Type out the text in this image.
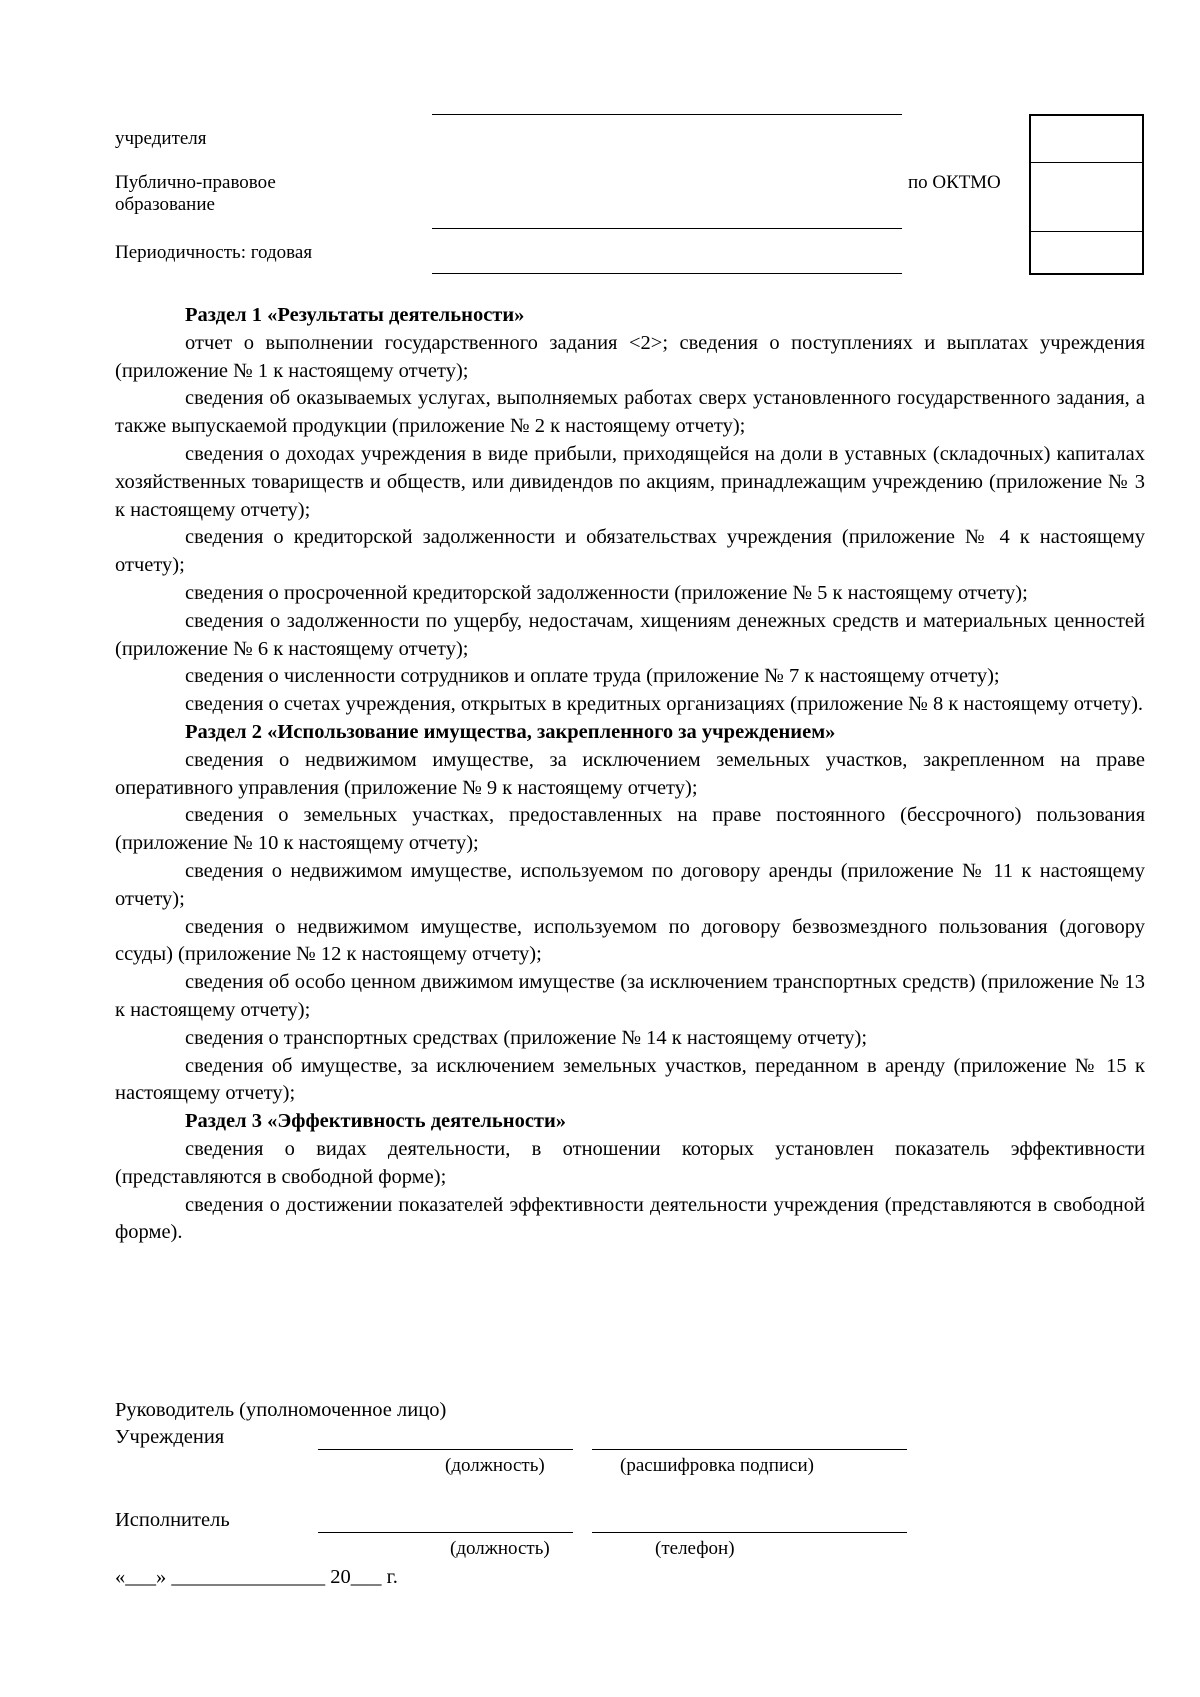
учредителя
Публично-правовое
образование
по ОКТМО
Периодичность: годовая
Раздел 1 «Результаты деятельности»

отчет о выполнении государственного задания <2>; сведения о поступлениях и выплатах учреждения (приложение № 1 к настоящему отчету);

сведения об оказываемых услугах, выполняемых работах сверх установленного государственного задания, а также выпускаемой продукции (приложение № 2 к настоящему отчету);

сведения о доходах учреждения в виде прибыли, приходящейся на доли в уставных (складочных) капиталах хозяйственных товариществ и обществ, или дивидендов по акциям, принадлежащим учреждению (приложение № 3 к настоящему отчету);

сведения о кредиторской задолженности и обязательствах учреждения (приложение № 4 к настоящему отчету);

сведения о просроченной кредиторской задолженности (приложение № 5 к настоящему отчету);

сведения о задолженности по ущербу, недостачам, хищениям денежных средств и материальных ценностей (приложение № 6 к настоящему отчету);

сведения о численности сотрудников и оплате труда (приложение № 7 к настоящему отчету);

сведения о счетах учреждения, открытых в кредитных организациях (приложение № 8 к настоящему отчету).

Раздел 2 «Использование имущества, закрепленного за учреждением»

сведения о недвижимом имуществе, за исключением земельных участков, закрепленном на праве оперативного управления (приложение № 9 к настоящему отчету);

сведения о земельных участках, предоставленных на праве постоянного (бессрочного) пользования (приложение № 10 к настоящему отчету);

сведения о недвижимом имуществе, используемом по договору аренды (приложение № 11 к настоящему отчету);

сведения о недвижимом имуществе, используемом по договору безвозмездного пользования (договору ссуды) (приложение № 12 к настоящему отчету);

сведения об особо ценном движимом имуществе (за исключением транспортных средств) (приложение № 13 к настоящему отчету);

сведения о транспортных средствах (приложение № 14 к настоящему отчету);

сведения об имуществе, за исключением земельных участков, переданном в аренду (приложение № 15 к настоящему отчету);

Раздел 3 «Эффективность деятельности»

сведения о видах деятельности, в отношении которых установлен показатель эффективности (представляются в свободной форме);

сведения о достижении показателей эффективности деятельности учреждения (представляются в свободной форме).

Руководитель (уполномоченное лицо)
Учреждения
(должность)	(расшифровка подписи)
Исполнитель
(должность)	(телефон)
«___» _______________ 20___ г.
